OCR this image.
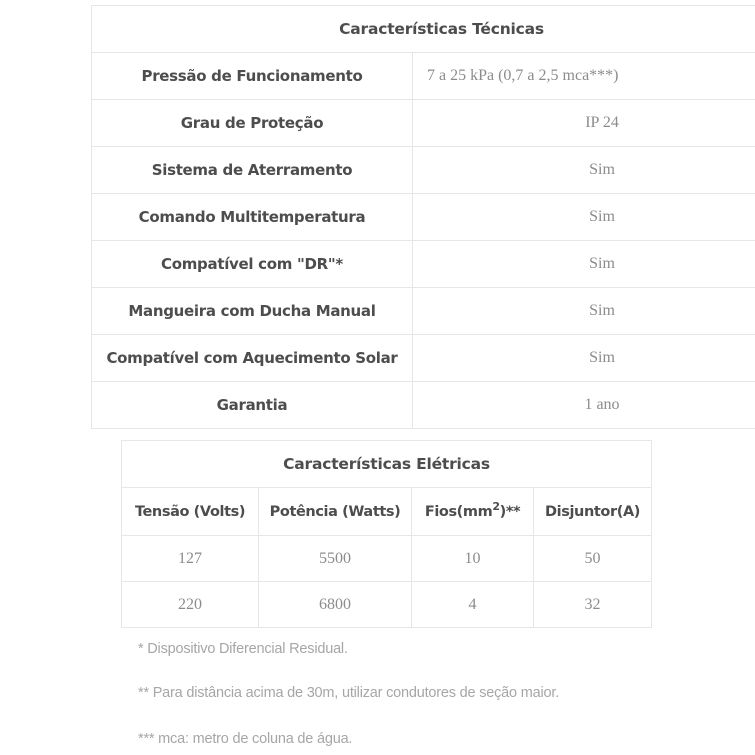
Características Técnicas	
Pressão de Funcionamento	7 a 25 kPa (0,7 a 2,5 mca***)
Grau de Proteção	IP 24
Sistema de Aterramento	Sim
Comando Multitemperatura	Sim
Compatível com "DR"*	Sim
Mangueira com Ducha Manual	Sim
Compatível com Aquecimento Solar	Sim
Garantia	1 ano
Características Elétricas			
Tensão (Volts)	Potência (Watts)	$Fios(mm^2)**$	Disjuntor(A)
127	5500	10	50
220	6800	4	32
* Dispositivo Diferencial Residual.
** Para distância acima de 30m, utilizar condutores de seção maior.
*** mca: metro de coluna de água.
